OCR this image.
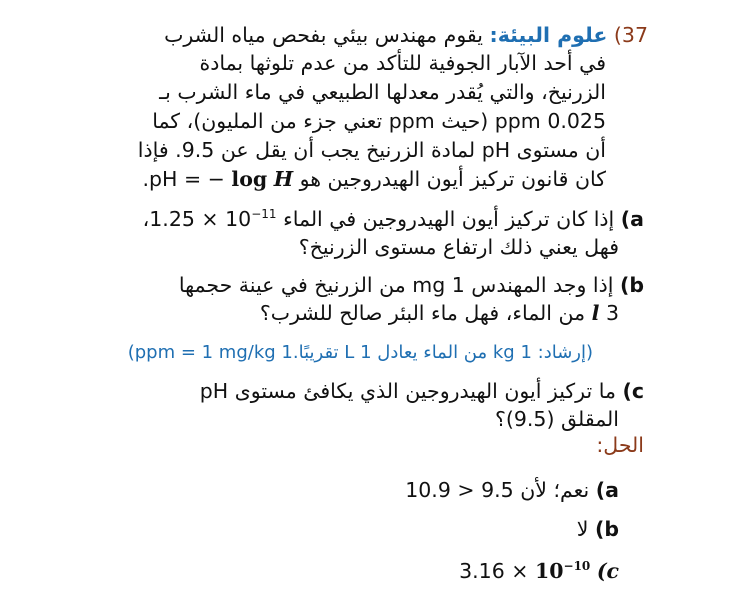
37) علوم البيئة: يقوم مهندس بيئي بفحص مياه الشرب
في أحد الآبار الجوفية للتأكد من عدم تلوثها بمادة
الزرنيخ، والتي يُقدر معدلها الطبيعي في ماء الشرب بـ
0.025 ppm (حيث ppm تعني جزء من المليون)، كما
أن مستوى pH لمادة الزرنيخ يجب أن يقل عن 9.5. فإذا
كان قانون تركيز أيون الهيدروجين هو pH = − log H.
a) إذا كان تركيز أيون الهيدروجين في الماء $1.25 \times 10^{-11}،$
فهل يعني ذلك ارتفاع مستوى الزرنيخ؟
b) إذا وجد المهندس 1 mg من الزرنيخ في عينة حجمها
3 l من الماء، فهل ماء البئر صالح للشرب؟
(إرشاد: 1 kg من الماء يعادل 1 L تقريبًا.1 ppm = 1 mg/kg)
c) ما تركيز أيون الهيدروجين الذي يكافئ مستوى pH
المقلق (9.5)؟
الحل:
a) نعم؛ لأن 9.5 < 10.9
b) لا
c) $3.16 \times 10^{-10}$
